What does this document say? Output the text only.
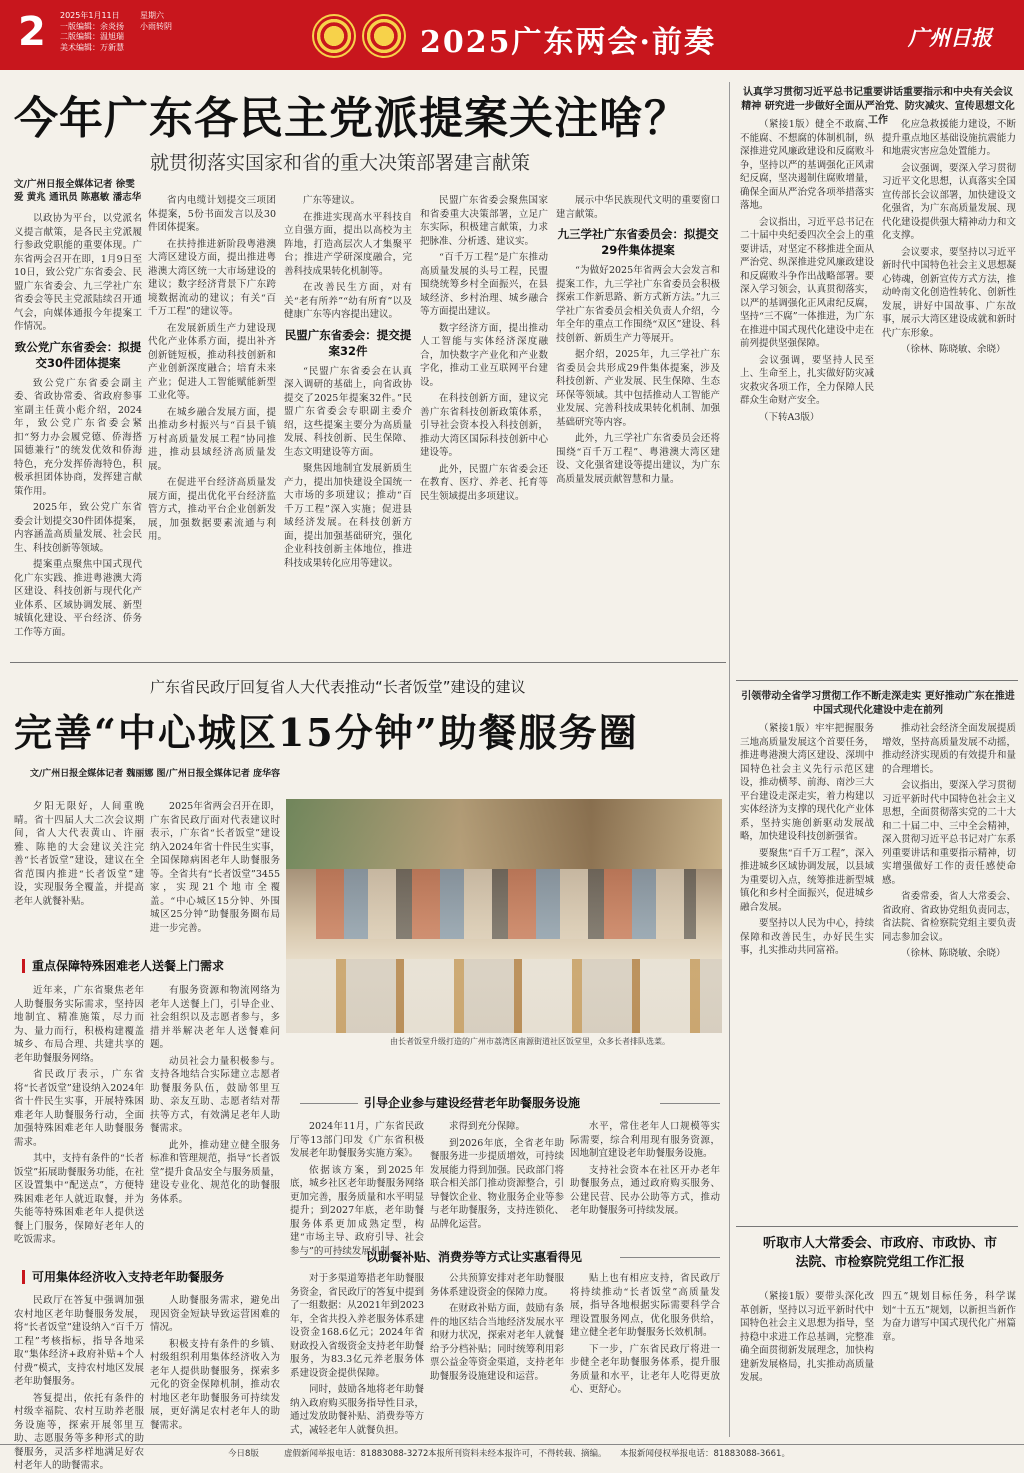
2 2025年1月11日
一版编辑：余炎扬
二版编辑：温旭瑞
美术编辑：万新慧
星期六
小雨转阴	2025广东两会·前奏	广州日报
今年广东各民主党派提案关注啥？
就贯彻落实国家和省的重大决策部署建言献策
文/广州日报全媒体记者 徐雯爱 黄兆 通讯员 陈惠敏 潘志华

以政协为平台，以党派名义提言献策，是各民主党派履行参政党职能的重要体现。广东省两会召开在即，1月9日至10日，致公党广东省委会、民盟广东省委会、九三学社广东省委会等民主党派陆续召开通气会，向媒体通报今年提案工作情况。

致公党广东省委会：拟提交30件团体提案

致公党广东省委会副主委、省政协常委、省政府参事室副主任黄小彪介绍，2024年，致公党广东省委会紧扣“努力办会履党德、侨海搭国德兼行”的统发优效和侨海特色，充分发挥侨海特色，积极承担团体协商，发挥建言献策作用。

2025年，致公党广东省委会计划提交30件团体提案，内容涵盖高质量发展、社会民生、科技创新等领域。

提案重点聚焦中国式现代化广东实践、推进粤港澳大湾区建设、科技创新与现代化产业体系、区域协调发展、新型城镇化建设、平台经济、侨务工作等方面。

省内电缆计划提交三项团体提案，5份书面发言以及30件团体提案。

在扶持推进新阶段粤港澳大湾区建设方面，提出推进粤港澳大湾区统一大市场建设的建议；数字经济背景下广东跨境数据流动的建议；有关“百千万工程”的建议等。

在发展新质生产力建设现代化产业体系方面，提出补齐创新链短板，推动科技创新和产业创新深度融合；培育未来产业；促进人工智能赋能新型工业化等。

在城乡融合发展方面，提出推动乡村振兴与“百县千镇万村高质量发展工程”协同推进，推动县域经济高质量发展。

在促进平台经济高质量发展方面，提出优化平台经济监管方式，推动平台企业创新发展，加强数据要素流通与利用。

广东等建议。

在推进实现高水平科技自立自强方面，提出以高校为主阵地，打造高层次人才集聚平台；推进产学研深度融合，完善科技成果转化机制等。

在改善民生方面，对有关“老有所养”“幼有所育”以及健康广东等内容提出建议。

民盟广东省委会：提交提案32件

“民盟广东省委会在认真深入调研的基础上，向省政协提交了2025年提案32件。”民盟广东省委会专职副主委介绍，这些提案主要分为高质量发展、科技创新、民生保障、生态文明建设等方面。

聚焦因地制宜发展新质生产力，提出加快建设全国统一大市场的多项建议；推动“百千万工程”深入实施；促进县域经济发展。在科技创新方面，提出加强基础研究，强化企业科技创新主体地位，推进科技成果转化应用等建议。

民盟广东省委会聚焦国家和省委重大决策部署，立足广东实际，积极建言献策，力求把脉准、分析透、建议实。

“百千万工程”是广东推动高质量发展的头号工程，民盟围绕统筹乡村全面振兴，在县域经济、乡村治理、城乡融合等方面提出建议。

数字经济方面，提出推动人工智能与实体经济深度融合，加快数字产业化和产业数字化，推动工业互联网平台建设。

在科技创新方面，建议完善广东省科技创新政策体系，引导社会资本投入科技创新，推动大湾区国际科技创新中心建设等。

此外，民盟广东省委会还在教育、医疗、养老、托育等民生领域提出多项建议。

展示中华民族现代文明的重要窗口建言献策。

九三学社广东省委员会：拟提交29件集体提案

“为做好2025年省两会大会发言和提案工作，九三学社广东省委员会积极探索工作新思路、新方式新方法。”九三学社广东省委员会相关负责人介绍，今年全年的重点工作围绕“双区”建设、科技创新、新质生产力等展开。

据介绍，2025年，九三学社广东省委员会共形成29件集体提案，涉及科技创新、产业发展、民生保障、生态环保等领域。其中包括推动人工智能产业发展、完善科技成果转化机制、加强基础研究等内容。

此外，九三学社广东省委员会还将围绕“百千万工程”、粤港澳大湾区建设、文化强省建设等提出建议，为广东高质量发展贡献智慧和力量。

认真学习贯彻习近平总书记重要讲话重要指示和中央有关会议精神 研究进一步做好全面从严治党、防灾减灾、宣传思想文化工作

（紧接1版）健全不敢腐、不能腐、不想腐的体制机制，纵深推进党风廉政建设和反腐败斗争，坚持以严的基调强化正风肃纪反腐，坚决遏制住腐败增量，确保全面从严治党各项举措落实落地。

会议指出，习近平总书记在二十届中央纪委四次全会上的重要讲话，对坚定不移推进全面从严治党、纵深推进党风廉政建设和反腐败斗争作出战略部署。要深入学习领会，认真贯彻落实，以严的基调强化正风肃纪反腐，坚持“三不腐”一体推进，为广东在推进中国式现代化建设中走在前列提供坚强保障。

会议强调，要坚持人民至上、生命至上，扎实做好防灾减灾救灾各项工作，全力保障人民群众生命财产安全。

（下转A3版）

化应急救援能力建设，不断提升重点地区基础设施抗震能力和地震灾害应急处置能力。

会议强调，要深入学习贯彻习近平文化思想，认真落实全国宣传部长会议部署，加快建设文化强省，为广东高质量发展、现代化建设提供强大精神动力和文化支撑。

会议要求，要坚持以习近平新时代中国特色社会主义思想凝心铸魂，创新宣传方式方法，推动岭南文化创造性转化、创新性发展，讲好中国故事、广东故事，展示大湾区建设成就和新时代广东形象。

（徐林、陈晓敏、余晓）

广东省民政厅回复省人大代表推动“长者饭堂”建设的建议
完善“中心城区15分钟”助餐服务圈
文/广州日报全媒体记者 魏丽娜 图/广州日报全媒体记者 庞华容

夕阳无限好，人间重晚晴。省十四届人大二次会议期间，省人大代表黄山、许丽雅、陈艳的大会建议关注完善“长者饭堂”建设，建议在全省范围内推进“长者饭堂”建设，实现服务全覆盖，并提高老年人就餐补贴。

2025年省两会召开在即，广东省民政厅面对代表建议时表示，广东省“长者饭堂”建设纳入2024年省十件民生实事，全国保障病困老年人助餐服务等。全省共有“长者饭堂”3455家，实现21个地市全覆盖。“中心城区15分钟、外围城区25分钟”助餐服务圈布局进一步完善。

由长者饭堂升级打造的广州市荔湾区南源街道社区饭堂里，众多长者排队选菜。
重点保障特殊困难老人送餐上门需求

近年来，广东省聚焦老年人助餐服务实际需求，坚持因地制宜、精准施策，尽力而为、量力而行，积极构建覆盖城乡、布局合理、共建共享的老年助餐服务网络。

省民政厅表示，广东省将“长者饭堂”建设纳入2024年省十件民生实事，开展特殊困难老年人助餐服务行动，全面加强特殊困难老年人助餐服务需求。

其中，支持有条件的“长者饭堂”拓展助餐服务功能，在社区设置集中“配送点”，方便特殊困难老年人就近取餐，并为失能等特殊困难老年人提供送餐上门服务，保障好老年人的吃饭需求。

有服务资源和物流网络为老年人送餐上门，引导企业、社会组织以及志愿者参与，多措并举解决老年人送餐难问题。

动员社会力量积极参与。支持各地结合实际建立志愿者助餐服务队伍，鼓励邻里互助、亲友互助、志愿者结对帮扶等方式，有效满足老年人助餐需求。

此外，推动建立健全服务标准和管理规范，指导“长者饭堂”提升食品安全与服务质量，建设专业化、规范化的助餐服务体系。

引导企业参与建设经营老年助餐服务设施

2024年11月，广东省民政厅等13部门印发《广东省积极发展老年助餐服务实施方案》。

依据该方案，到2025年底，城乡社区老年助餐服务网络更加完善，服务质量和水平明显提升；到2027年底，老年助餐服务体系更加成熟定型，构建“市场主导、政府引导、社会参与”的可持续发展机制。

求得到充分保障。

到2026年底，全省老年助餐服务进一步提质增效，可持续发展能力得到加强。民政部门将联合相关部门推动资源整合，引导餐饮企业、物业服务企业等参与老年助餐服务，支持连锁化、品牌化运营。

水平，常住老年人口规模等实际需要，综合利用现有服务资源，因地制宜建设老年助餐服务设施。

支持社会资本在社区开办老年助餐服务点，通过政府购买服务、公建民营、民办公助等方式，推动老年助餐服务可持续发展。

可用集体经济收入支持老年助餐服务

民政厅在答复中强调加强农村地区老年助餐服务发展，将“长者饭堂”建设纳入“百千万工程”考核指标，指导各地采取“集体经济+政府补贴+个人付费”模式，支持农村地区发展老年助餐服务。

答复提出，依托有条件的村级幸福院、农村互助养老服务设施等，探索开展邻里互助、志愿服务等多种形式的助餐服务，灵活多样地满足好农村老年人的助餐需求。

人助餐服务需求，避免出现因资金短缺导致运营困难的情况。

积极支持有条件的乡镇、村级组织利用集体经济收入为老年人提供助餐服务，探索多元化的资金保障机制，推动农村地区老年助餐服务可持续发展，更好满足农村老年人的助餐需求。

以助餐补贴、消费券等方式让实惠看得见

对于多渠道筹措老年助餐服务资金，省民政厅的答复中提到了一组数据：从2021年到2023年，全省共投入养老服务体系建设资金168.6亿元；2024年省财政投入省级资金支持老年助餐服务，为83.3亿元养老服务体系建设资金提供保障。

同时，鼓励各地将老年助餐纳入政府购买服务指导性目录，通过发放助餐补贴、消费券等方式，减轻老年人就餐负担。

公共预算安排对老年助餐服务体系建设资金的保障力度。

在财政补贴方面，鼓励有条件的地区结合当地经济发展水平和财力状况，探索对老年人就餐给予分档补贴；同时统筹利用彩票公益金等资金渠道，支持老年助餐服务设施建设和运营。

贴上也有相应支持，省民政厅将持续推动“长者饭堂”高质量发展，指导各地根据实际需要科学合理设置服务网点，优化服务供给，建立健全老年助餐服务长效机制。

下一步，广东省民政厅将进一步健全老年助餐服务体系，提升服务质量和水平，让老年人吃得更放心、更舒心。

引领带动全省学习贯彻工作不断走深走实 更好推动广东在推进中国式现代化建设中走在前列

（紧接1版）牢牢把握服务三地高质量发展这个首要任务，推进粤港澳大湾区建设、深圳中国特色社会主义先行示范区建设，推动横琴、前海、南沙三大平台建设走深走实，着力构建以实体经济为支撑的现代化产业体系，坚持实施创新驱动发展战略，加快建设科技创新强省。

要聚焦“百千万工程”，深入推进城乡区域协调发展，以县域为重要切入点，统筹推进新型城镇化和乡村全面振兴，促进城乡融合发展。

要坚持以人民为中心，持续保障和改善民生，办好民生实事，扎实推动共同富裕。

推动社会经济全面发展提质增效，坚持高质量发展不动摇，推动经济实现质的有效提升和量的合理增长。

会议指出，要深入学习贯彻习近平新时代中国特色社会主义思想，全面贯彻落实党的二十大和二十届二中、三中全会精神，深入贯彻习近平总书记对广东系列重要讲话和重要指示精神，切实增强做好工作的责任感使命感。

省委常委，省人大常委会、省政府、省政协党组负责同志，省法院、省检察院党组主要负责同志参加会议。

（徐林、陈晓敏、余晓）

听取市人大常委会、市政府、市政协、市法院、市检察院党组工作汇报

（紧接1版）要带头深化改革创新，坚持以习近平新时代中国特色社会主义思想为指导，坚持稳中求进工作总基调，完整准确全面贯彻新发展理念，加快构建新发展格局，扎实推动高质量发展。

四五”规划目标任务，科学谋划“十五五”规划，以新担当新作为奋力谱写中国式现代化广州篇章。

今日8版	虚假新闻举报电话：81883088-3272 本报所刊资料未经本报许可，不得转载、摘编。 本报新闻侵权举报电话：81883088-3661。
